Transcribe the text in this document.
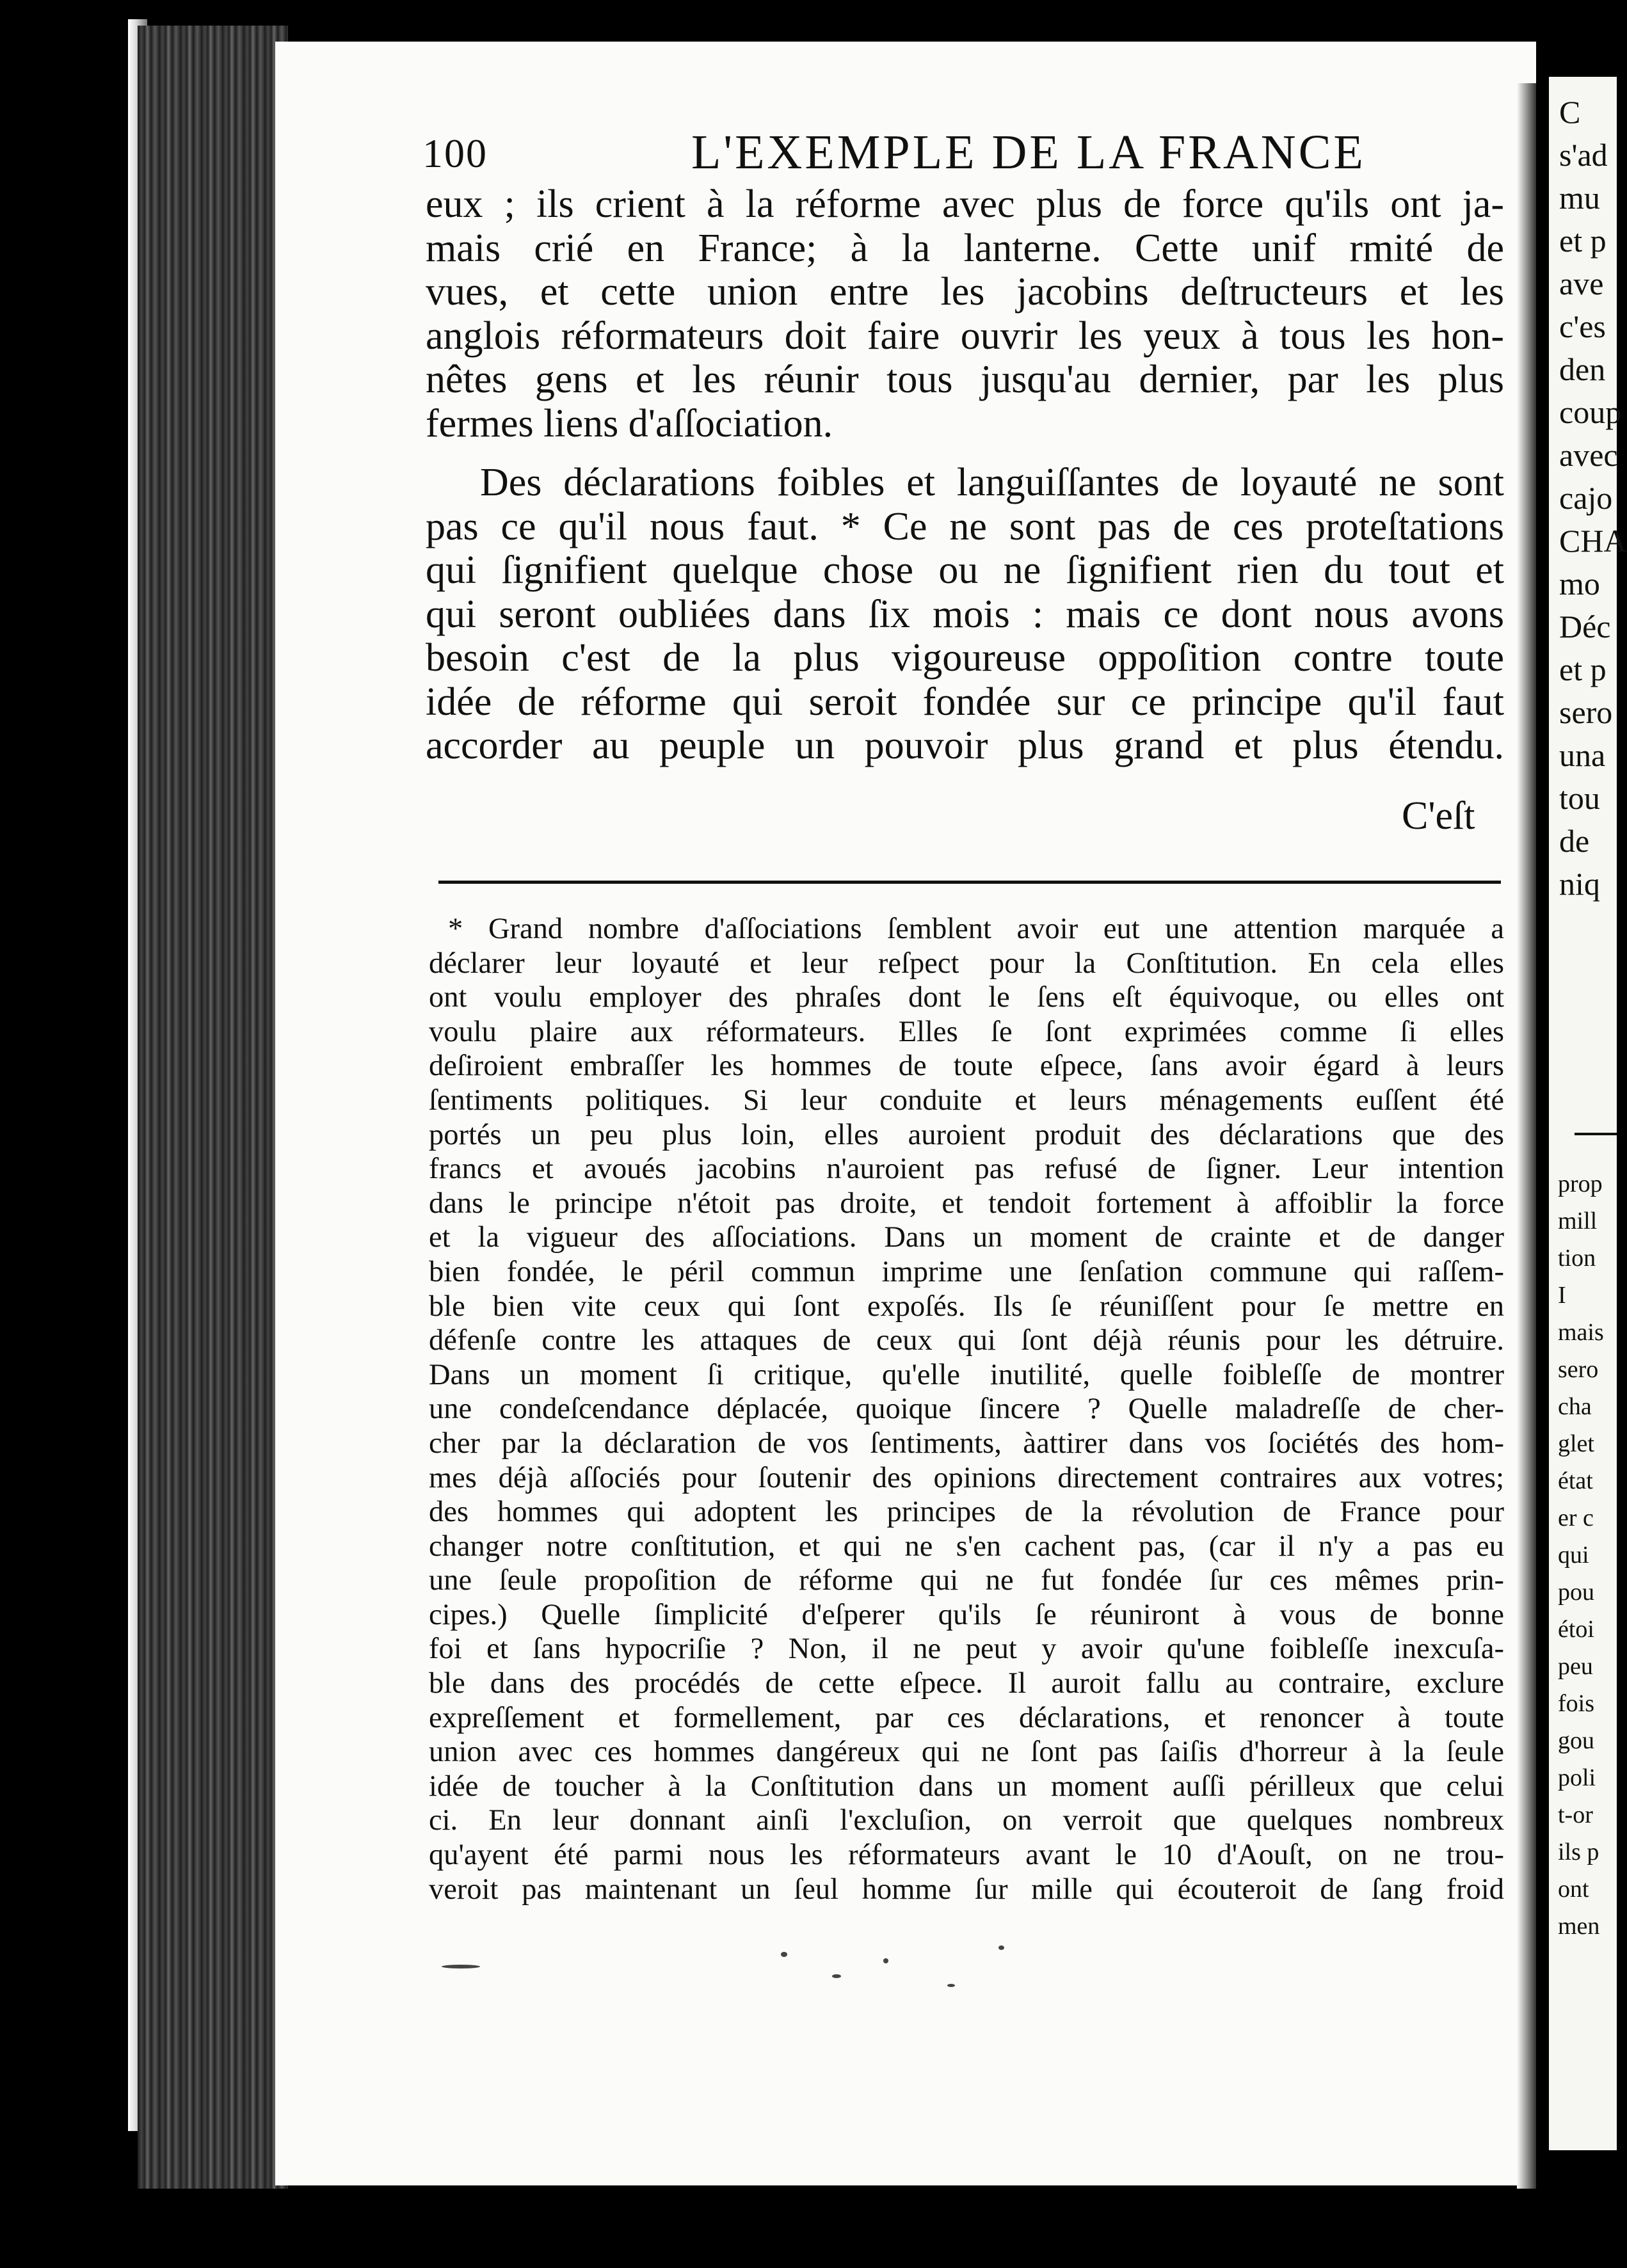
C
s'ad
mu
et p
ave
c'es
den
coup
avec
cajo
CHA
mo
Déc
et p
sero
una
tou
de
niq
prop
mill
tion
I
mais
sero
cha
glet
état
er c
qui
pou
étoi
peu
fois
gou
poli
t-or
ils p
ont
men
100	L'EXEMPLE DE LA FRANCE
eux ; ils crient à la réforme avec plus de force qu'ils ont ja-
mais crié en France; à la lanterne. Cette unif rmité de
vues, et cette union entre les jacobins deſtructeurs et les
anglois réformateurs doit faire ouvrir les yeux à tous les hon-
nêtes gens et les réunir tous jusqu'au dernier, par les plus
fermes liens d'aſſociation.
Des déclarations foibles et languiſſantes de loyauté ne sont
pas ce qu'il nous faut. * Ce ne sont pas de ces proteſtations
qui ſignifient quelque chose ou ne ſignifient rien du tout et
qui seront oubliées dans ſix mois : mais ce dont nous avons
besoin c'est de la plus vigoureuse oppoſition contre toute
idée de réforme qui seroit fondée sur ce principe qu'il faut
accorder au peuple un pouvoir plus grand et plus étendu.
C'eſt
* Grand nombre d'aſſociations ſemblent avoir eut une attention marquée a
déclarer leur loyauté et leur reſpect pour la Conſtitution. En cela elles
ont voulu employer des phraſes dont le ſens eſt équivoque, ou elles ont
voulu plaire aux réformateurs. Elles ſe ſont exprimées comme ſi elles
deſiroient embraſſer les hommes de toute eſpece, ſans avoir égard à leurs
ſentiments politiques. Si leur conduite et leurs ménagements euſſent été
portés un peu plus loin, elles auroient produit des déclarations que des
francs et avoués jacobins n'auroient pas refusé de ſigner. Leur intention
dans le principe n'étoit pas droite, et tendoit fortement à affoiblir la force
et la vigueur des aſſociations. Dans un moment de crainte et de danger
bien fondée, le péril commun imprime une ſenſation commune qui raſſem-
ble bien vite ceux qui ſont expoſés. Ils ſe réuniſſent pour ſe mettre en
défenſe contre les attaques de ceux qui ſont déjà réunis pour les détruire.
Dans un moment ſi critique, qu'elle inutilité, quelle foibleſſe de montrer
une condeſcendance déplacée, quoique ſincere ? Quelle maladreſſe de cher-
cher par la déclaration de vos ſentiments, àattirer dans vos ſociétés des hom-
mes déjà aſſociés pour ſoutenir des opinions directement contraires aux votres;
des hommes qui adoptent les principes de la révolution de France pour
changer notre conſtitution, et qui ne s'en cachent pas, (car il n'y a pas eu
une ſeule propoſition de réforme qui ne fut fondée ſur ces mêmes prin-
cipes.) Quelle ſimplicité d'eſperer qu'ils ſe réuniront à vous de bonne
foi et ſans hypocriſie ? Non, il ne peut y avoir qu'une foibleſſe inexcuſa-
ble dans des procédés de cette eſpece. Il auroit fallu au contraire, exclure
expreſſement et formellement, par ces déclarations, et renoncer à toute
union avec ces hommes dangéreux qui ne ſont pas ſaiſis d'horreur à la ſeule
idée de toucher à la Conſtitution dans un moment auſſi périlleux que celui
ci. En leur donnant ainſi l'excluſion, on verroit que quelques nombreux
qu'ayent été parmi nous les réformateurs avant le 10 d'Aouſt, on ne trou-
veroit pas maintenant un ſeul homme ſur mille qui écouteroit de ſang froid
